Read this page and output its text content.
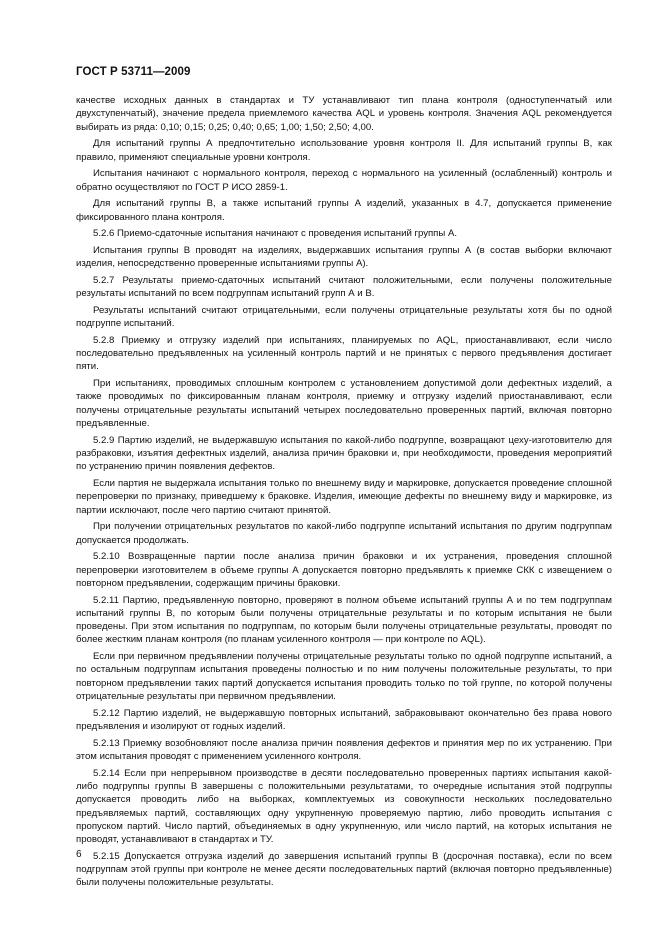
ГОСТ Р 53711—2009

качестве исходных данных в стандартах и ТУ устанавливают тип плана контроля (одноступенчатый или двухступенчатый), значение предела приемлемого качества AQL и уровень контроля. Значения AQL рекомендуется выбирать из ряда: 0,10; 0,15; 0,25; 0,40; 0,65; 1,00; 1,50; 2,50; 4,00.

Для испытаний группы А предпочтительно использование уровня контроля II. Для испытаний группы В, как правило, применяют специальные уровни контроля.

Испытания начинают с нормального контроля, переход с нормального на усиленный (ослабленный) контроль и обратно осуществляют по ГОСТ Р ИСО 2859-1.

Для испытаний группы В, а также испытаний группы А изделий, указанных в 4.7, допускается применение фиксированного плана контроля.

5.2.6 Приемо-сдаточные испытания начинают с проведения испытаний группы А.

Испытания группы В проводят на изделиях, выдержавших испытания группы А (в состав выборки включают изделия, непосредственно проверенные испытаниями группы А).

5.2.7 Результаты приемо-сдаточных испытаний считают положительными, если получены положительные результаты испытаний по всем подгруппам испытаний групп А и В.

Результаты испытаний считают отрицательными, если получены отрицательные результаты хотя бы по одной подгруппе испытаний.

5.2.8 Приемку и отгрузку изделий при испытаниях, планируемых по AQL, приостанавливают, если число последовательно предъявленных на усиленный контроль партий и не принятых с первого предъявления достигает пяти.

При испытаниях, проводимых сплошным контролем с установлением допустимой доли дефектных изделий, а также проводимых по фиксированным планам контроля, приемку и отгрузку изделий приостанавливают, если получены отрицательные результаты испытаний четырех последовательно проверенных партий, включая повторно предъявленные.

5.2.9 Партию изделий, не выдержавшую испытания по какой-либо подгруппе, возвращают цеху-изготовителю для разбраковки, изъятия дефектных изделий, анализа причин браковки и, при необходимости, проведения мероприятий по устранению причин появления дефектов.

Если партия не выдержала испытания только по внешнему виду и маркировке, допускается проведение сплошной перепроверки по признаку, приведшему к браковке. Изделия, имеющие дефекты по внешнему виду и маркировке, из партии исключают, после чего партию считают принятой.

При получении отрицательных результатов по какой-либо подгруппе испытаний испытания по другим подгруппам допускается продолжать.

5.2.10 Возвращенные партии после анализа причин браковки и их устранения, проведения сплошной перепроверки изготовителем в объеме группы А допускается повторно предъявлять к приемке СКК с извещением о повторном предъявлении, содержащим причины браковки.

5.2.11 Партию, предъявленную повторно, проверяют в полном объеме испытаний группы А и по тем подгруппам испытаний группы В, по которым были получены отрицательные результаты и по которым испытания не были проведены. При этом испытания по подгруппам, по которым были получены отрицательные результаты, проводят по более жестким планам контроля (по планам усиленного контроля — при контроле по AQL).

Если при первичном предъявлении получены отрицательные результаты только по одной подгруппе испытаний, а по остальным подгруппам испытания проведены полностью и по ним получены положительные результаты, то при повторном предъявлении таких партий допускается испытания проводить только по той группе, по которой получены отрицательные результаты при первичном предъявлении.

5.2.12 Партию изделий, не выдержавшую повторных испытаний, забраковывают окончательно без права нового предъявления и изолируют от годных изделий.

5.2.13 Приемку возобновляют после анализа причин появления дефектов и принятия мер по их устранению. При этом испытания проводят с применением усиленного контроля.

5.2.14 Если при непрерывном производстве в десяти последовательно проверенных партиях испытания какой-либо подгруппы группы В завершены с положительными результатами, то очередные испытания этой подгруппы допускается проводить либо на выборках, комплектуемых из совокупности нескольких последовательно предъявляемых партий, составляющих одну укрупненную проверяемую партию, либо проводить испытания с пропуском партий. Число партий, объединяемых в одну укрупненную, или число партий, на которых испытания не проводят, устанавливают в стандартах и ТУ.

5.2.15 Допускается отгрузка изделий до завершения испытаний группы В (досрочная поставка), если по всем подгруппам этой группы при контроле не менее десяти последовательных партий (включая повторно предъявленные) были получены положительные результаты.

6
